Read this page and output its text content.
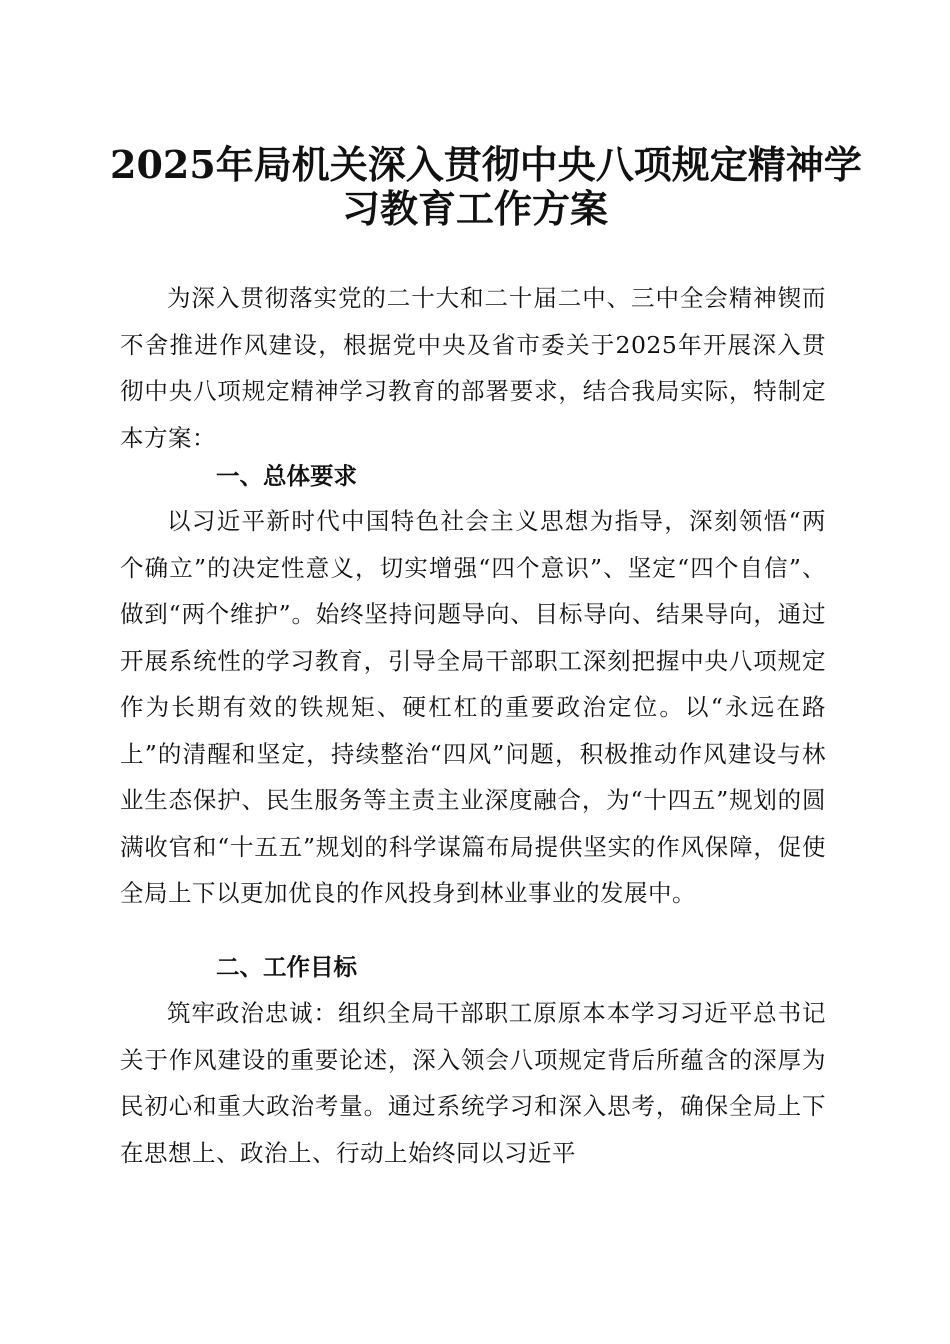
2025年局机关深入贯彻中央八项规定精神学
习教育工作方案

为深入贯彻落实党的二十大和二十届二中、三中全会精神锲而不舍推进作风建设，根据党中央及省市委关于2025年开展深入贯彻中央八项规定精神学习教育的部署要求，结合我局实际，特制定本方案：

一、总体要求

以习近平新时代中国特色社会主义思想为指导，深刻领悟“两个确立”的决定性意义，切实增强“四个意识”、坚定“四个自信”、做到“两个维护”。始终坚持问题导向、目标导向、结果导向，通过开展系统性的学习教育，引导全局干部职工深刻把握中央八项规定作为长期有效的铁规矩、硬杠杠的重要政治定位。以“永远在路上”的清醒和坚定，持续整治“四风”问题，积极推动作风建设与林业生态保护、民生服务等主责主业深度融合，为“十四五”规划的圆满收官和“十五五”规划的科学谋篇布局提供坚实的作风保障，促使全局上下以更加优良的作风投身到林业事业的发展中。

二、工作目标

筑牢政治忠诚：组织全局干部职工原原本本学习习近平总书记关于作风建设的重要论述，深入领会八项规定背后所蕴含的深厚为民初心和重大政治考量。通过系统学习和深入思考，确保全局上下在思想上、政治上、行动上始终同以习近平
